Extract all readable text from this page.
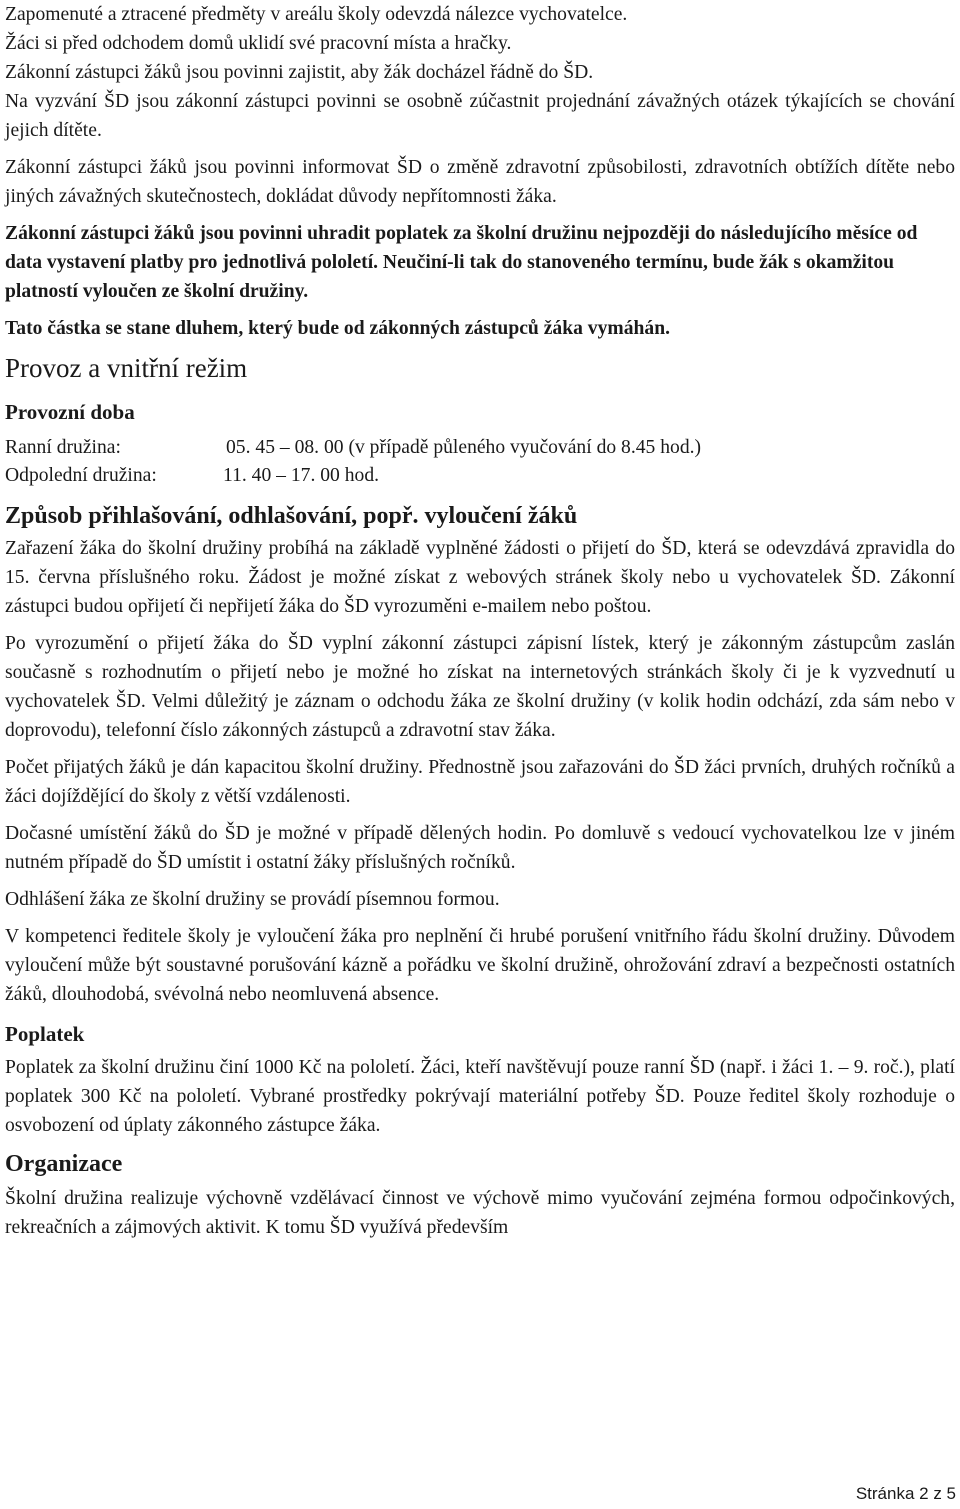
Zapomenuté a ztracené předměty v areálu školy odevzdá nálezce vychovatelce.

Žáci si před odchodem domů uklidí své pracovní místa a hračky.

Zákonní zástupci žáků jsou povinni zajistit, aby žák docházel řádně do ŠD.

Na vyzvání ŠD jsou zákonní zástupci povinni se osobně zúčastnit projednání závažných otázek týkajících se chování jejich dítěte.

Zákonní zástupci žáků jsou povinni informovat ŠD o změně zdravotní způsobilosti, zdravotních obtížích dítěte nebo jiných závažných skutečnostech, dokládat důvody nepřítomnosti žáka.

Zákonní zástupci žáků jsou povinni uhradit poplatek za školní družinu nejpozději do následujícího měsíce od data vystavení platby pro jednotlivá pololetí. Neučiní-li tak do stanoveného termínu, bude žák s okamžitou platností vyloučen ze školní družiny.

Tato částka se stane dluhem, který bude od zákonných zástupců žáka vymáhán.

Provoz a vnitřní režim
Provozní doba
Ranní družina:	05. 45 – 08. 00 (v případě půleného vyučování do 8.45 hod.)
Odpolední družina:	11. 40 – 17. 00 hod.
Způsob přihlašování, odhlašování, popř. vyloučení žáků

Zařazení žáka do školní družiny probíhá na základě vyplněné žádosti o přijetí do ŠD, která se odevzdává zpravidla do 15. června příslušného roku. Žádost je možné získat z webových stránek školy nebo u vychovatelek ŠD. Zákonní zástupci budou opřijetí či nepřijetí žáka do ŠD vyrozuměni e-mailem nebo poštou.

Po vyrozumění o přijetí žáka do ŠD vyplní zákonní zástupci zápisní lístek, který je zákonným zástupcům zaslán současně s rozhodnutím o přijetí nebo je možné ho získat na internetových stránkách školy či je k vyzvednutí u vychovatelek ŠD. Velmi důležitý je záznam o odchodu žáka ze školní družiny (v kolik hodin odchází, zda sám nebo v doprovodu), telefonní číslo zákonných zástupců a zdravotní stav žáka.

Počet přijatých žáků je dán kapacitou školní družiny. Přednostně jsou zařazováni do ŠD žáci prvních, druhých ročníků a žáci dojíždějící do školy z větší vzdálenosti.

Dočasné umístění žáků do ŠD je možné v případě dělených hodin. Po domluvě s vedoucí vychovatelkou lze v jiném nutném případě do ŠD umístit i ostatní žáky příslušných ročníků.

Odhlášení žáka ze školní družiny se provádí písemnou formou.

V kompetenci ředitele školy je vyloučení žáka pro neplnění či hrubé porušení vnitřního řádu školní družiny. Důvodem vyloučení může být soustavné porušování kázně a pořádku ve školní družině, ohrožování zdraví a bezpečnosti ostatních žáků, dlouhodobá, svévolná nebo neomluvená absence.

Poplatek

Poplatek za školní družinu činí 1000 Kč na pololetí. Žáci, kteří navštěvují pouze ranní ŠD (např. i žáci 1. – 9. roč.), platí poplatek 300 Kč na pololetí. Vybrané prostředky pokrývají materiální potřeby ŠD. Pouze ředitel školy rozhoduje o osvobození od úplaty zákonného zástupce žáka.

Organizace

Školní družina realizuje výchovně vzdělávací činnost ve výchově mimo vyučování zejména formou odpočinkových, rekreačních a zájmových aktivit. K tomu ŠD využívá především

Stránka 2 z 5
